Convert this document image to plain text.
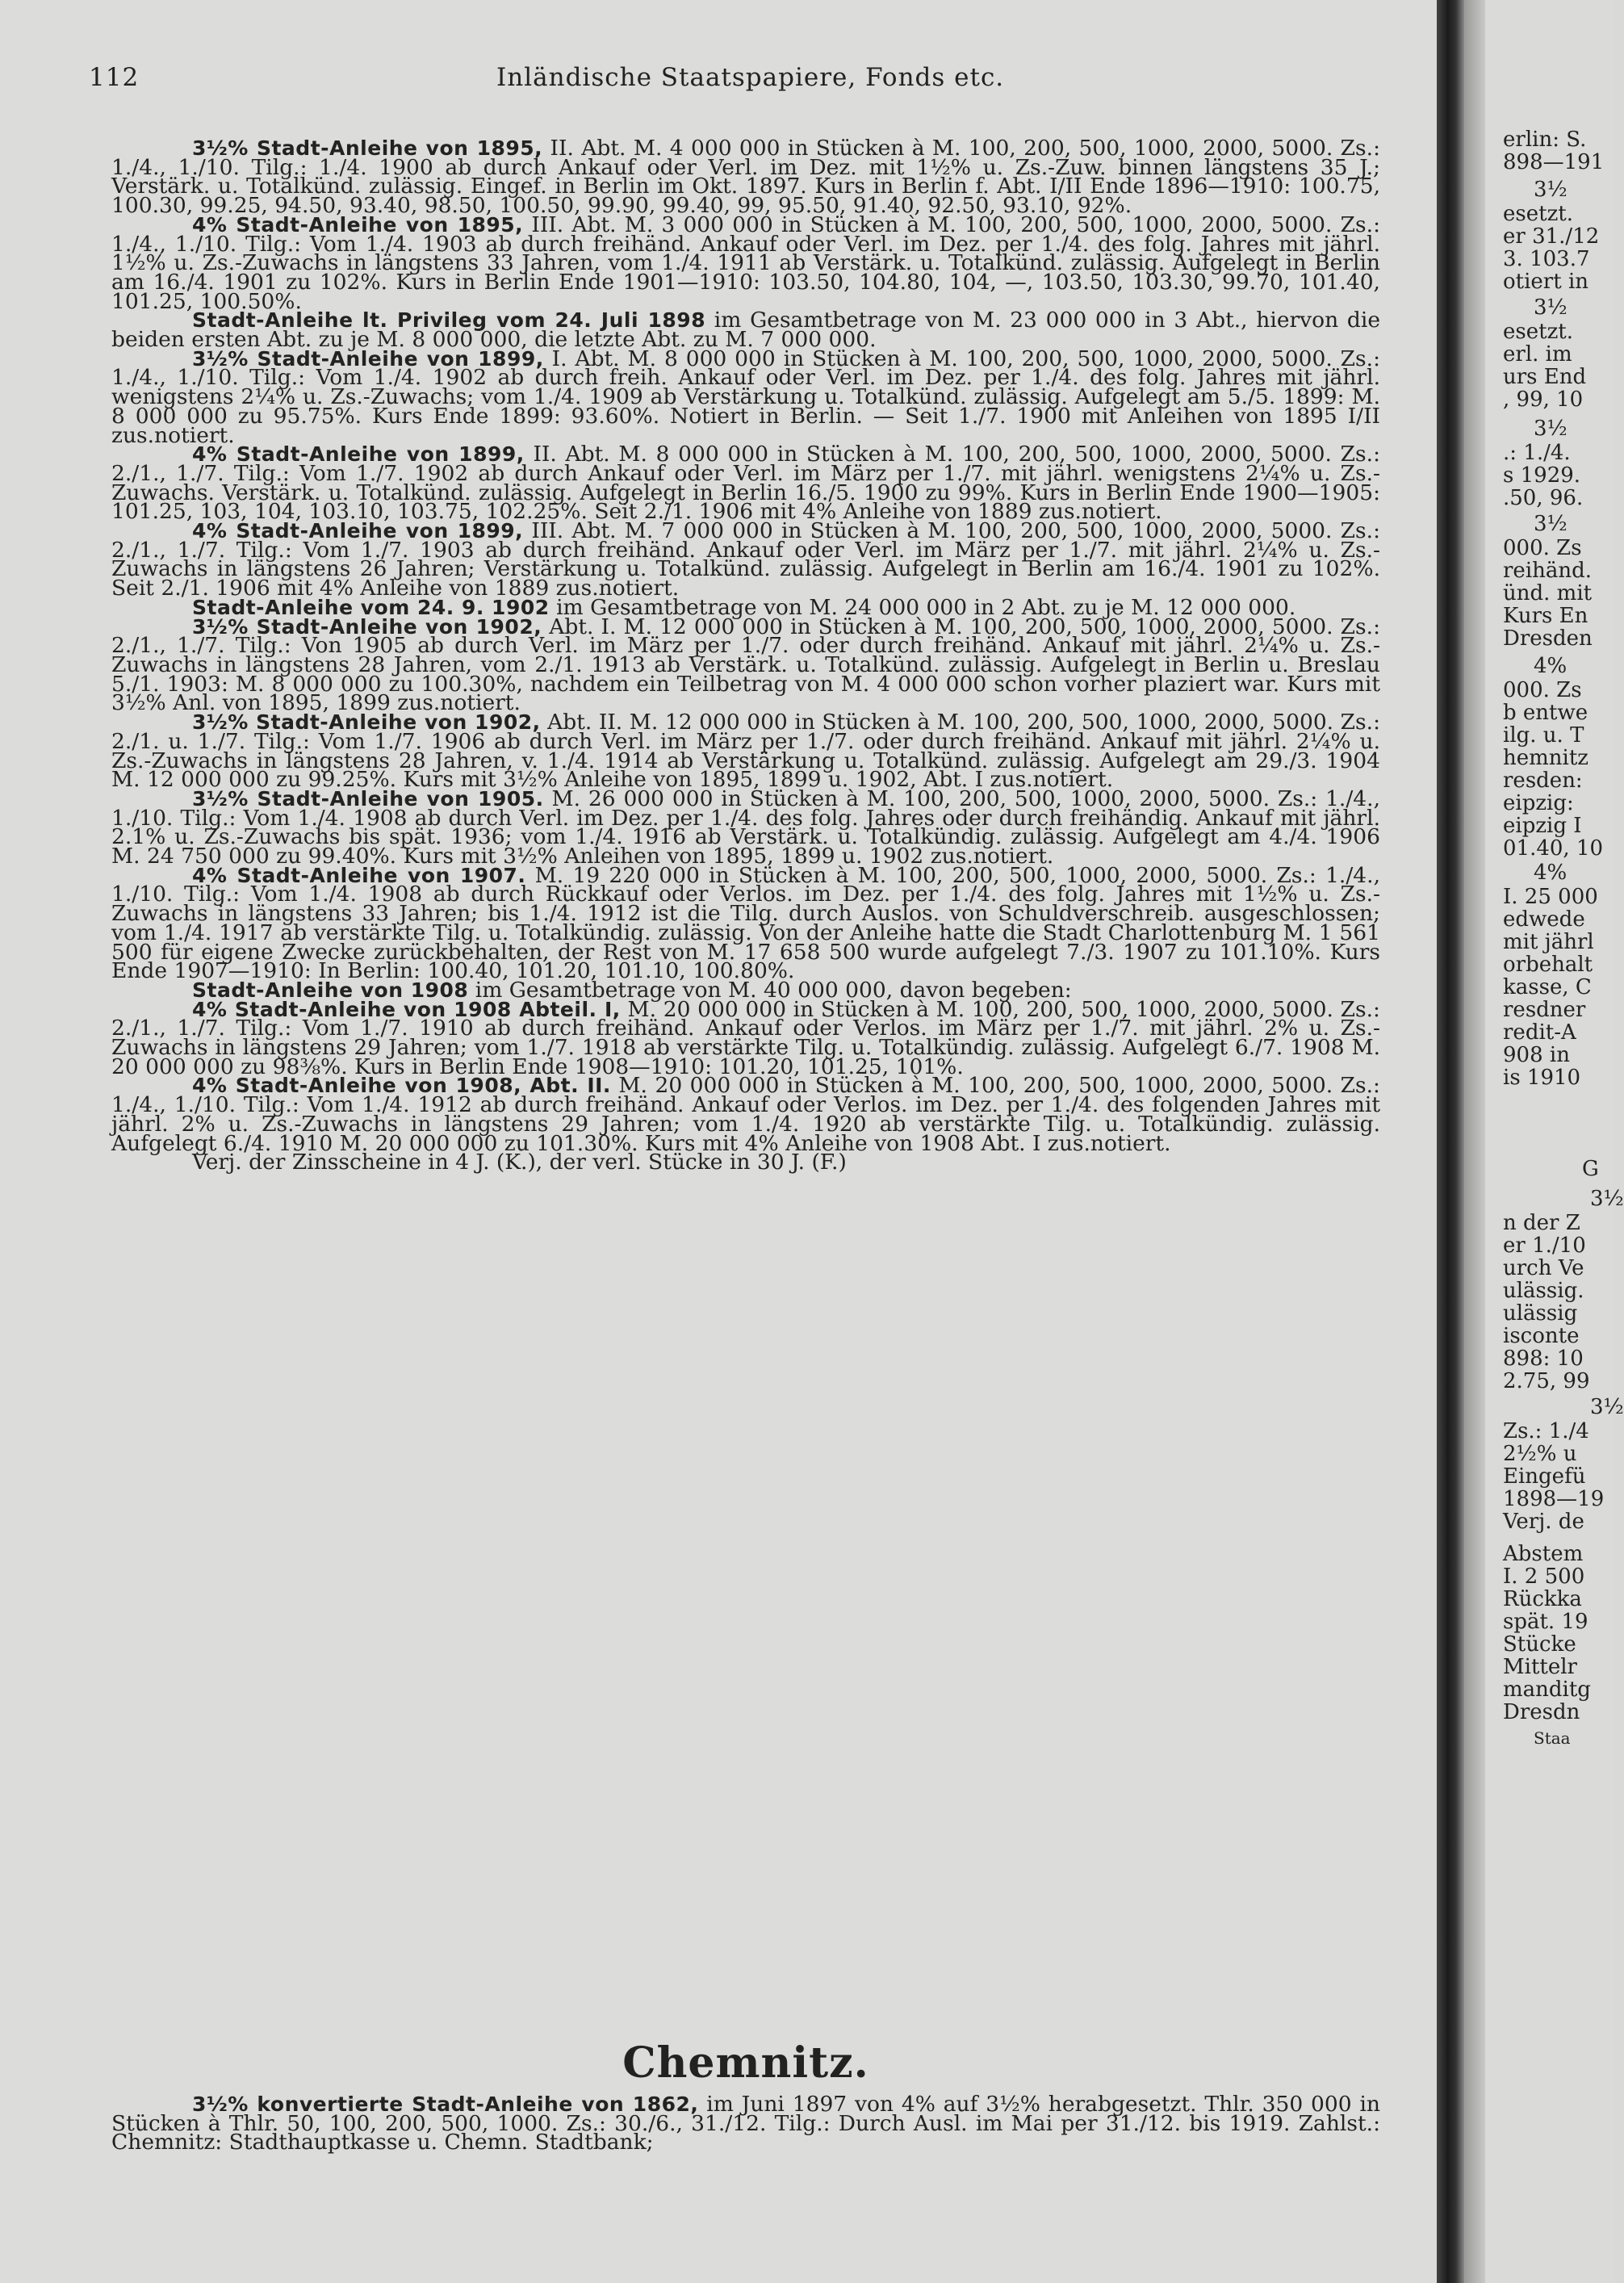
112	Inländische Staatspapiere, Fonds etc.

3½% Stadt-Anleihe von 1895, II. Abt. M. 4 000 000 in Stücken à M. 100, 200, 500, 1000, 2000, 5000. Zs.: 1./4., 1./10. Tilg.: 1./4. 1900 ab durch Ankauf oder Verl. im Dez. mit 1½% u. Zs.-Zuw. binnen längstens 35 J.; Verstärk. u. Totalkünd. zulässig. Eingef. in Berlin im Okt. 1897. Kurs in Berlin f. Abt. I/II Ende 1896—1910: 100.75, 100.30, 99.25, 94.50, 93.40, 98.50, 100.50, 99.90, 99.40, 99, 95.50, 91.40, 92.50, 93.10, 92%.

4% Stadt-Anleihe von 1895, III. Abt. M. 3 000 000 in Stücken à M. 100, 200, 500, 1000, 2000, 5000. Zs.: 1./4., 1./10. Tilg.: Vom 1./4. 1903 ab durch freihänd. Ankauf oder Verl. im Dez. per 1./4. des folg. Jahres mit jährl. 1½% u. Zs.-Zuwachs in längstens 33 Jahren, vom 1./4. 1911 ab Verstärk. u. Totalkünd. zulässig. Aufgelegt in Berlin am 16./4. 1901 zu 102%. Kurs in Berlin Ende 1901—1910: 103.50, 104.80, 104, —, 103.50, 103.30, 99.70, 101.40, 101.25, 100.50%.

Stadt-Anleihe lt. Privileg vom 24. Juli 1898 im Gesamtbetrage von M. 23 000 000 in 3 Abt., hiervon die beiden ersten Abt. zu je M. 8 000 000, die letzte Abt. zu M. 7 000 000.

3½% Stadt-Anleihe von 1899, I. Abt. M. 8 000 000 in Stücken à M. 100, 200, 500, 1000, 2000, 5000. Zs.: 1./4., 1./10. Tilg.: Vom 1./4. 1902 ab durch freih. Ankauf oder Verl. im Dez. per 1./4. des folg. Jahres mit jährl. wenigstens 2¼% u. Zs.-Zuwachs; vom 1./4. 1909 ab Verstärkung u. Totalkünd. zulässig. Aufgelegt am 5./5. 1899: M. 8 000 000 zu 95.75%. Kurs Ende 1899: 93.60%. Notiert in Berlin. — Seit 1./7. 1900 mit Anleihen von 1895 I/II zus.notiert.

4% Stadt-Anleihe von 1899, II. Abt. M. 8 000 000 in Stücken à M. 100, 200, 500, 1000, 2000, 5000. Zs.: 2./1., 1./7. Tilg.: Vom 1./7. 1902 ab durch Ankauf oder Verl. im März per 1./7. mit jährl. wenigstens 2¼% u. Zs.-Zuwachs. Verstärk. u. Totalkünd. zulässig. Aufgelegt in Berlin 16./5. 1900 zu 99%. Kurs in Berlin Ende 1900—1905: 101.25, 103, 104, 103.10, 103.75, 102.25%. Seit 2./1. 1906 mit 4% Anleihe von 1889 zus.notiert.

4% Stadt-Anleihe von 1899, III. Abt. M. 7 000 000 in Stücken à M. 100, 200, 500, 1000, 2000, 5000. Zs.: 2./1., 1./7. Tilg.: Vom 1./7. 1903 ab durch freihänd. Ankauf oder Verl. im März per 1./7. mit jährl. 2¼% u. Zs.-Zuwachs in längstens 26 Jahren; Verstärkung u. Totalkünd. zulässig. Aufgelegt in Berlin am 16./4. 1901 zu 102%. Seit 2./1. 1906 mit 4% Anleihe von 1889 zus.notiert.

Stadt-Anleihe vom 24. 9. 1902 im Gesamtbetrage von M. 24 000 000 in 2 Abt. zu je M. 12 000 000.

3½% Stadt-Anleihe von 1902, Abt. I. M. 12 000 000 in Stücken à M. 100, 200, 500, 1000, 2000, 5000. Zs.: 2./1., 1./7. Tilg.: Von 1905 ab durch Verl. im März per 1./7. oder durch freihänd. Ankauf mit jährl. 2¼% u. Zs.-Zuwachs in längstens 28 Jahren, vom 2./1. 1913 ab Verstärk. u. Totalkünd. zulässig. Aufgelegt in Berlin u. Breslau 5./1. 1903: M. 8 000 000 zu 100.30%, nachdem ein Teilbetrag von M. 4 000 000 schon vorher plaziert war. Kurs mit 3½% Anl. von 1895, 1899 zus.notiert.

3½% Stadt-Anleihe von 1902, Abt. II. M. 12 000 000 in Stücken à M. 100, 200, 500, 1000, 2000, 5000. Zs.: 2./1. u. 1./7. Tilg.: Vom 1./7. 1906 ab durch Verl. im März per 1./7. oder durch freihänd. Ankauf mit jährl. 2¼% u. Zs.-Zuwachs in längstens 28 Jahren, v. 1./4. 1914 ab Verstärkung u. Totalkünd. zulässig. Aufgelegt am 29./3. 1904 M. 12 000 000 zu 99.25%. Kurs mit 3½% Anleihe von 1895, 1899 u. 1902, Abt. I zus.notiert.

3½% Stadt-Anleihe von 1905. M. 26 000 000 in Stücken à M. 100, 200, 500, 1000, 2000, 5000. Zs.: 1./4., 1./10. Tilg.: Vom 1./4. 1908 ab durch Verl. im Dez. per 1./4. des folg. Jahres oder durch freihändig. Ankauf mit jährl. 2.1% u. Zs.-Zuwachs bis spät. 1936; vom 1./4. 1916 ab Verstärk. u. Totalkündig. zulässig. Aufgelegt am 4./4. 1906 M. 24 750 000 zu 99.40%. Kurs mit 3½% Anleihen von 1895, 1899 u. 1902 zus.notiert.

4% Stadt-Anleihe von 1907. M. 19 220 000 in Stücken à M. 100, 200, 500, 1000, 2000, 5000. Zs.: 1./4., 1./10. Tilg.: Vom 1./4. 1908 ab durch Rückkauf oder Verlos. im Dez. per 1./4. des folg. Jahres mit 1½% u. Zs.-Zuwachs in längstens 33 Jahren; bis 1./4. 1912 ist die Tilg. durch Auslos. von Schuldverschreib. ausgeschlossen; vom 1./4. 1917 ab verstärkte Tilg. u. Totalkündig. zulässig. Von der Anleihe hatte die Stadt Charlottenburg M. 1 561 500 für eigene Zwecke zurückbehalten, der Rest von M. 17 658 500 wurde aufgelegt 7./3. 1907 zu 101.10%. Kurs Ende 1907—1910: In Berlin: 100.40, 101.20, 101.10, 100.80%.

Stadt-Anleihe von 1908 im Gesamtbetrage von M. 40 000 000, davon begeben:

4% Stadt-Anleihe von 1908 Abteil. I, M. 20 000 000 in Stücken à M. 100, 200, 500, 1000, 2000, 5000. Zs.: 2./1., 1./7. Tilg.: Vom 1./7. 1910 ab durch freihänd. Ankauf oder Verlos. im März per 1./7. mit jährl. 2% u. Zs.-Zuwachs in längstens 29 Jahren; vom 1./7. 1918 ab verstärkte Tilg. u. Totalkündig. zulässig. Aufgelegt 6./7. 1908 M. 20 000 000 zu 98⅜%. Kurs in Berlin Ende 1908—1910: 101.20, 101.25, 101%.

4% Stadt-Anleihe von 1908, Abt. II. M. 20 000 000 in Stücken à M. 100, 200, 500, 1000, 2000, 5000. Zs.: 1./4., 1./10. Tilg.: Vom 1./4. 1912 ab durch freihänd. Ankauf oder Verlos. im Dez. per 1./4. des folgenden Jahres mit jährl. 2% u. Zs.-Zuwachs in längstens 29 Jahren; vom 1./4. 1920 ab verstärkte Tilg. u. Totalkündig. zulässig. Aufgelegt 6./4. 1910 M. 20 000 000 zu 101.30%. Kurs mit 4% Anleihe von 1908 Abt. I zus.notiert.

Verj. der Zinsscheine in 4 J. (K.), der verl. Stücke in 30 J. (F.)

Chemnitz.

3½% konvertierte Stadt-Anleihe von 1862, im Juni 1897 von 4% auf 3½% herabgesetzt. Thlr. 350 000 in Stücken à Thlr. 50, 100, 200, 500, 1000. Zs.: 30./6., 31./12. Tilg.: Durch Ausl. im Mai per 31./12. bis 1919. Zahlst.: Chemnitz: Stadthauptkasse u. Chemn. Stadtbank;

erlin: S.
898—191
3½
esetzt.
er 31./12
3. 103.7
otiert in
3½
esetzt.
erl. im
urs End
, 99, 10
3½
.: 1./4.
s 1929.
.50, 96.
3½
000. Zs
reihänd.
ünd. mit
Kurs En
Dresden
4%
000. Zs
b entwe
ilg. u. T
hemnitz
resden:
eipzig:
eipzig I
01.40, 10
4%
I. 25 000
edwede
mit jährl
orbehalt
kasse, C
resdner
redit-A
908 in
is 1910
G
3½
n der Z
er 1./10
urch Ve
ulässig.
ulässig
isconte
898: 10
2.75, 99
3½
Zs.: 1./4
2½% u
Eingefü
1898—19
Verj. de
Abstem
I. 2 500
Rückka
spät. 19
Stücke
Mittelr
manditg
Dresdn
Staa
